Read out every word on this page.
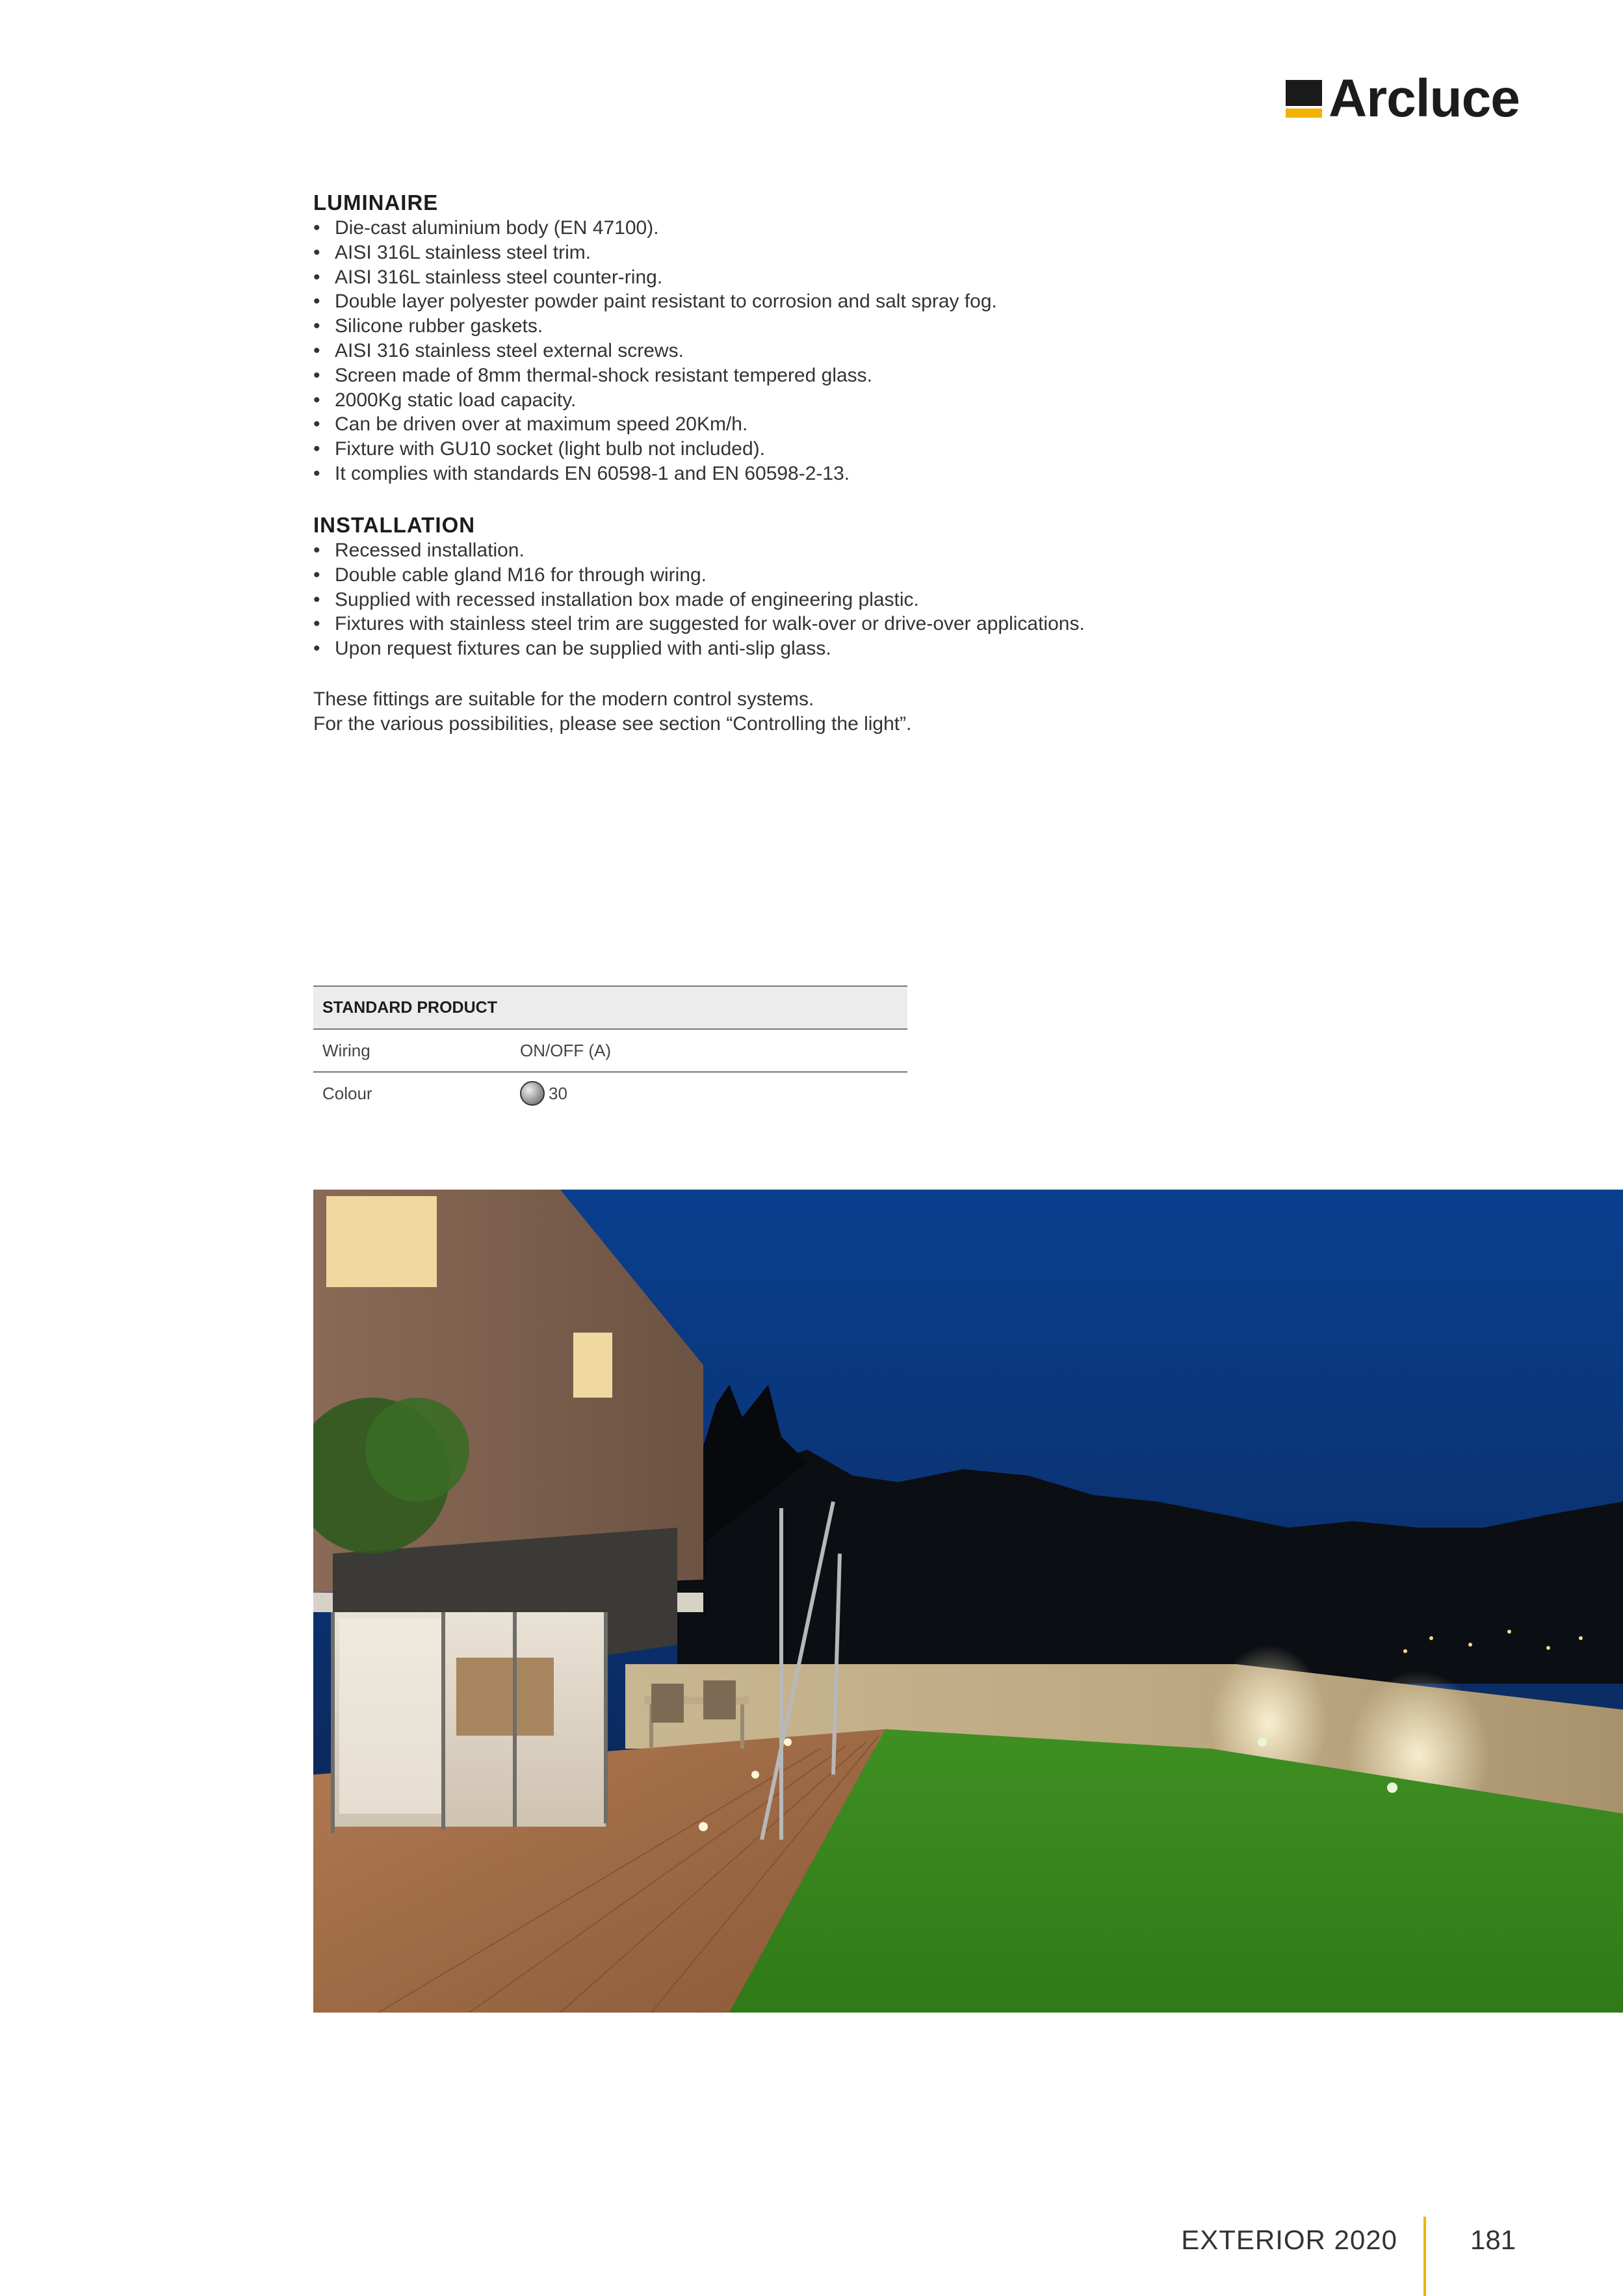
Arcluce
LUMINAIRE
• Die-cast aluminium body (EN 47100).
• AISI 316L stainless steel trim.
• AISI 316L stainless steel counter-ring.
• Double layer polyester powder paint resistant to corrosion and salt spray fog.
• Silicone rubber gaskets.
• AISI 316 stainless steel external screws.
• Screen made of 8mm thermal-shock resistant tempered glass.
• 2000Kg static load capacity.
• Can be driven over at maximum speed 20Km/h.
• Fixture with GU10 socket (light bulb not included).
• It complies with standards EN 60598-1 and EN 60598-2-13.
INSTALLATION
• Recessed installation.
• Double cable gland M16 for through wiring.
• Supplied with recessed installation box made of engineering plastic.
• Fixtures with stainless steel trim are suggested for walk-over or drive-over applications.
• Upon request fixtures can be supplied with anti-slip glass.

These fittings are suitable for the modern control systems.

For the various possibilities, please see section “Controlling the light”.

STANDARD PRODUCT
Wiring	ON/OFF (A)
Colour	30
EXTERIOR 2020	181
